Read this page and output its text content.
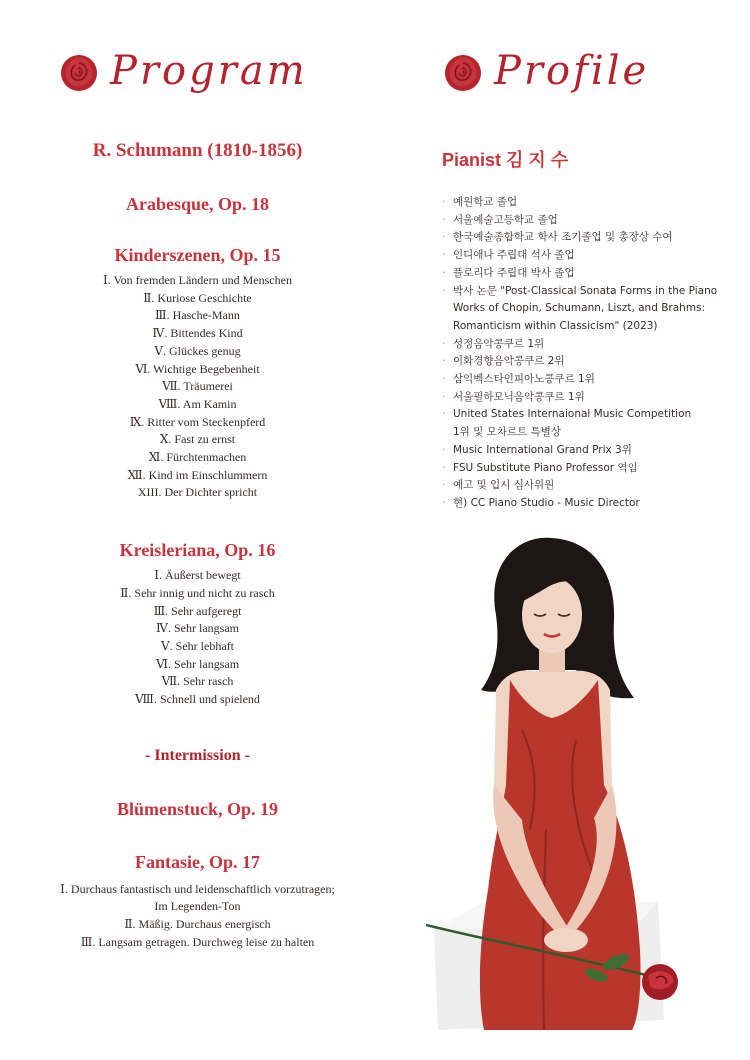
Program

R. Schumann (1810-1856)

Arabesque, Op. 18

Kinderszenen, Op. 15

Ⅰ. Von fremden Ländern und Menschen

Ⅱ. Kuriose Geschichte

Ⅲ. Hasche-Mann

Ⅳ. Bittendes Kind

Ⅴ. Glückes genug

Ⅵ. Wichtige Begebenheit

Ⅶ. Träumerei

Ⅷ. Am Kamin

Ⅸ. Ritter vom Steckenpferd

Ⅹ. Fast zu ernst

Ⅺ. Fürchtenmachen

Ⅻ. Kind im Einschlummern

XIII. Der Dichter spricht

Kreisleriana, Op. 16

Ⅰ. Äußerst bewegt

Ⅱ. Sehr innig und nicht zu rasch

Ⅲ. Sehr aufgeregt

Ⅳ. Sehr langsam

Ⅴ. Sehr lebhaft

Ⅵ. Sehr langsam

Ⅶ. Sehr rasch

Ⅷ. Schnell und spielend

- Intermission -

Blümenstuck, Op. 19

Fantasie, Op. 17

Ⅰ. Durchaus fantastisch und leidenschaftlich vorzutragen;

Im Legenden-Ton

Ⅱ. Mäßig. Durchaus energisch

Ⅲ. Langsam getragen. Durchweg leise zu halten

Profile
Pianist 김 지 수
· 예원학교 졸업
· 서울예술고등학교 졸업
· 한국예술종합학교 학사 조기졸업 및 총장상 수여
· 인디애나 주립대 석사 졸업
· 플로리다 주립대 박사 졸업
· 박사 논문 "Post-Classical Sonata Forms in the Piano
Works of Chopin, Schumann, Liszt, and Brahms:
Romanticism within Classicism" (2023)
· 성정음악콩쿠르 1위
· 이화경향음악콩쿠르 2위
· 삼익벡스타인피아노콩쿠르 1위
· 서울필하모닉음악콩쿠르 1위
· United States Internaional Music Competition
1위 및 모차르트 특별상
· Music International Grand Prix 3위
· FSU Substitute Piano Professor 역임
· 예고 및 입시 심사위원
· 현) CC Piano Studio - Music Director
